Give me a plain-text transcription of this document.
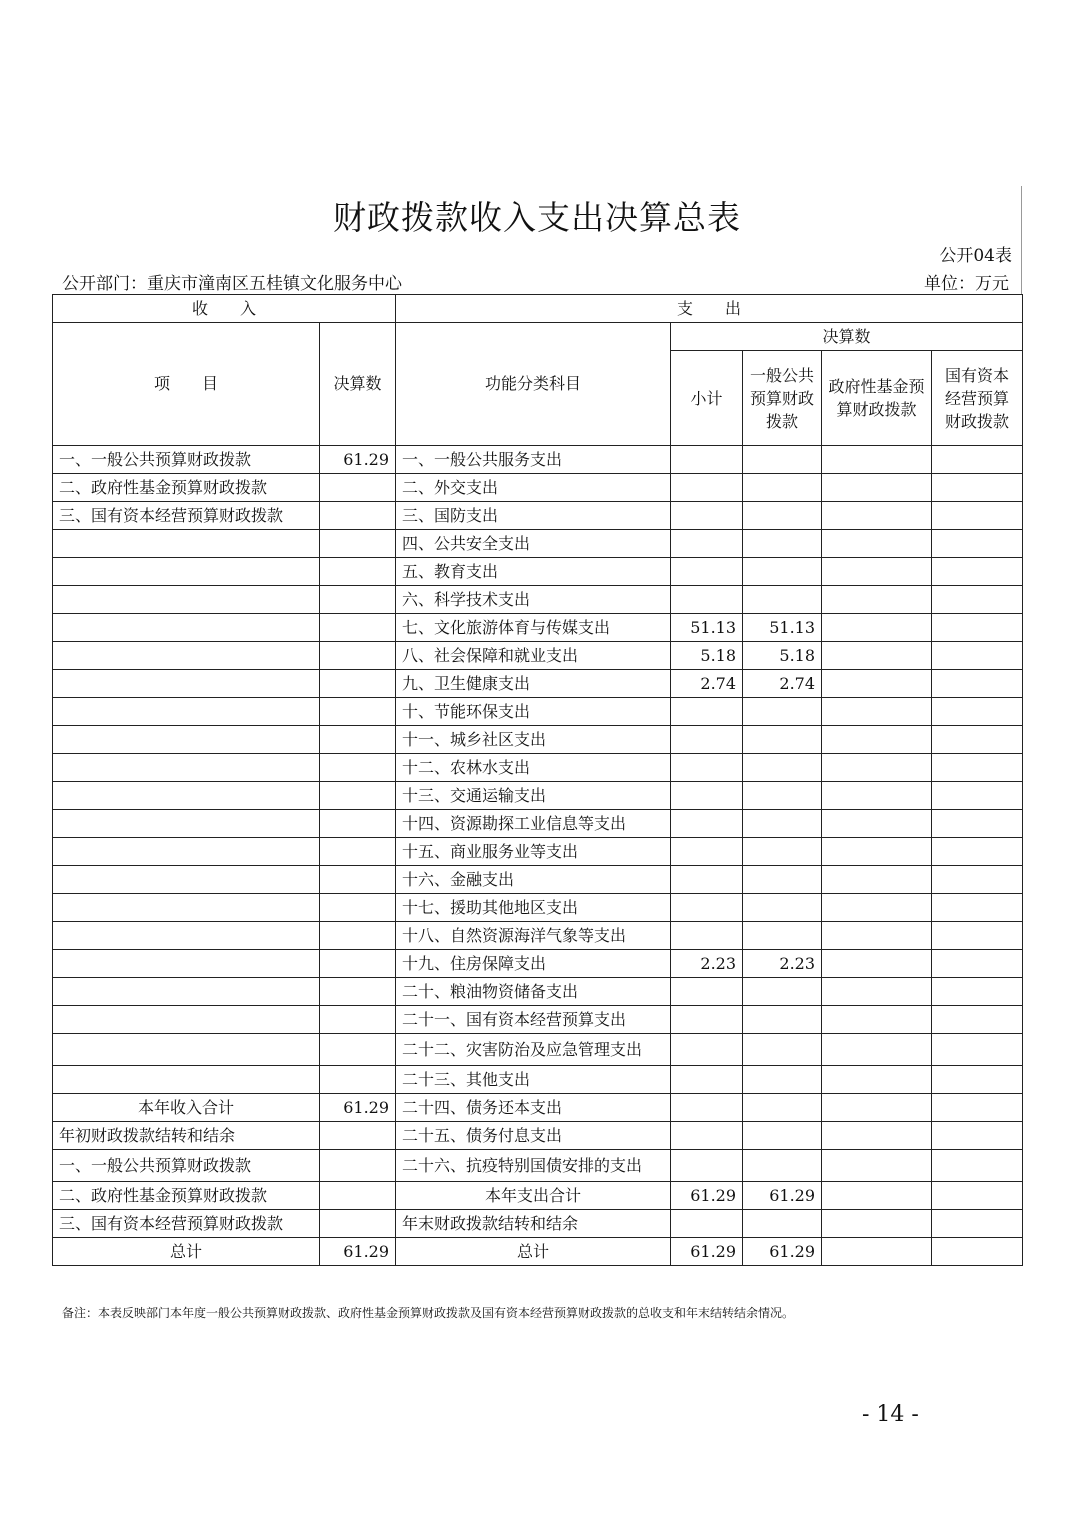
财政拨款收入支出决算总表
公开04表
公开部门：重庆市潼南区五桂镇文化服务中心	单位：万元
收　　入		支　　出				
项　　目	决算数	功能分类科目	决算数			
			小计	一般公共预算财政拨款	政府性基金预算财政拨款	国有资本经营预算财政拨款
一、一般公共预算财政拨款	61.29	一、一般公共服务支出				
二、政府性基金预算财政拨款		二、外交支出				
三、国有资本经营预算财政拨款		三、国防支出				
		四、公共安全支出				
		五、教育支出				
		六、科学技术支出				
		七、文化旅游体育与传媒支出	51.13	51.13		
		八、社会保障和就业支出	5.18	5.18		
		九、卫生健康支出	2.74	2.74		
		十、节能环保支出				
		十一、城乡社区支出				
		十二、农林水支出				
		十三、交通运输支出				
		十四、资源勘探工业信息等支出				
		十五、商业服务业等支出				
		十六、金融支出				
		十七、援助其他地区支出				
		十八、自然资源海洋气象等支出				
		十九、住房保障支出	2.23	2.23		
		二十、粮油物资储备支出				
		二十一、国有资本经营预算支出				
		二十二、灾害防治及应急管理支出				
		二十三、其他支出				
本年收入合计	61.29	二十四、债务还本支出				
年初财政拨款结转和结余		二十五、债务付息支出				
一、一般公共预算财政拨款		二十六、抗疫特别国债安排的支出				
二、政府性基金预算财政拨款		本年支出合计	61.29	61.29		
三、国有资本经营预算财政拨款		年末财政拨款结转和结余				
总计	61.29	总计	61.29	61.29		
备注：本表反映部门本年度一般公共预算财政拨款、政府性基金预算财政拨款及国有资本经营预算财政拨款的总收支和年末结转结余情况。
- 14 -
